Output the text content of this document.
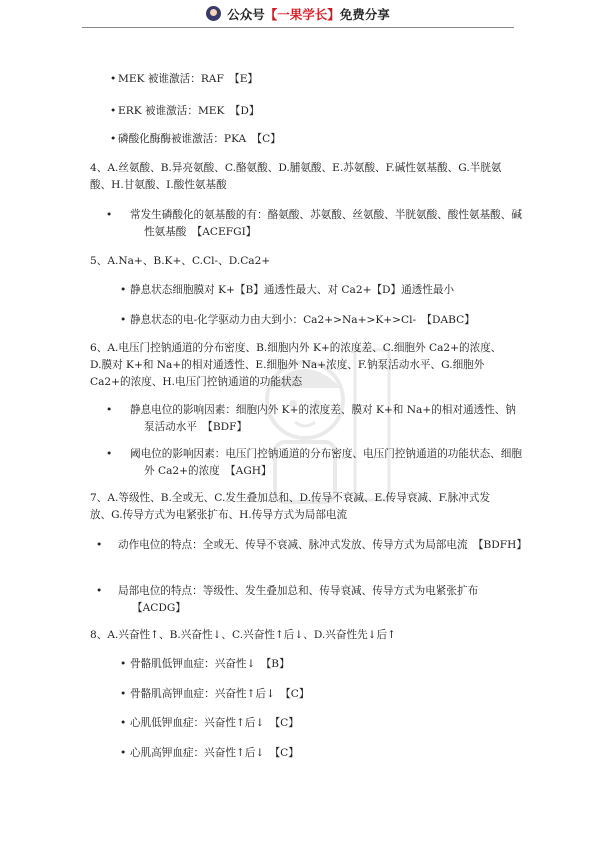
公众号 【 一果学长 】 免费分享
• MEK 被谁激活：RAF　【E】
• ERK 被谁激活：MEK　【D】
• 磷酸化酶酶被谁激活：PKA　【C】
4、A.丝氨酸、B.异亮氨酸、C.酪氨酸、D.脯氨酸、E.苏氨酸、F.碱性氨基酸、G.半胱氨酸、H.甘氨酸、I.酸性氨基酸
• 常发生磷酸化的氨基酸的有：酪氨酸、苏氨酸、丝氨酸、半胱氨酸、酸性氨基酸、碱性氨基酸　【ACEFGI】
5、A.Na+、B.K+、C.Cl-、D.Ca2+
• 静息状态细胞膜对 K+【B】通透性最大、对 Ca2+【D】通透性最小
• 静息状态的电-化学驱动力由大到小：Ca2+>Na+>K+>Cl-　【DABC】
6、A.电压门控钠通道的分布密度、B.细胞内外 K+的浓度差、C.细胞外 Ca2+的浓度、D.膜对 K+和 Na+的相对通透性、E.细胞外 Na+浓度、F.钠泵活动水平、G.细胞外 Ca2+的浓度、H.电压门控钠通道的功能状态
• 静息电位的影响因素：细胞内外 K+的浓度差、膜对 K+和 Na+的相对通透性、钠泵活动水平　【BDF】
• 阈电位的影响因素：电压门控钠通道的分布密度、电压门控钠通道的功能状态、细胞外 Ca2+的浓度　【AGH】
7、A.等级性、B.全或无、C.发生叠加总和、D.传导不衰减、E.传导衰减、F.脉冲式发放、G.传导方式为电紧张扩布、H.传导方式为局部电流
• 动作电位的特点：全或无、传导不衰减、脉冲式发放、传导方式为局部电流　【BDFH】
• 局部电位的特点：等级性、发生叠加总和、传导衰减、传导方式为电紧张扩布　【ACDG】
8、A.兴奋性↑、B.兴奋性↓、C.兴奋性↑后↓、D.兴奋性先↓后↑
• 骨骼肌低钾血症：兴奋性↓　【B】
• 骨骼肌高钾血症：兴奋性↑后↓　【C】
• 心肌低钾血症：兴奋性↑后↓　【C】
• 心肌高钾血症：兴奋性↑后↓　【C】
